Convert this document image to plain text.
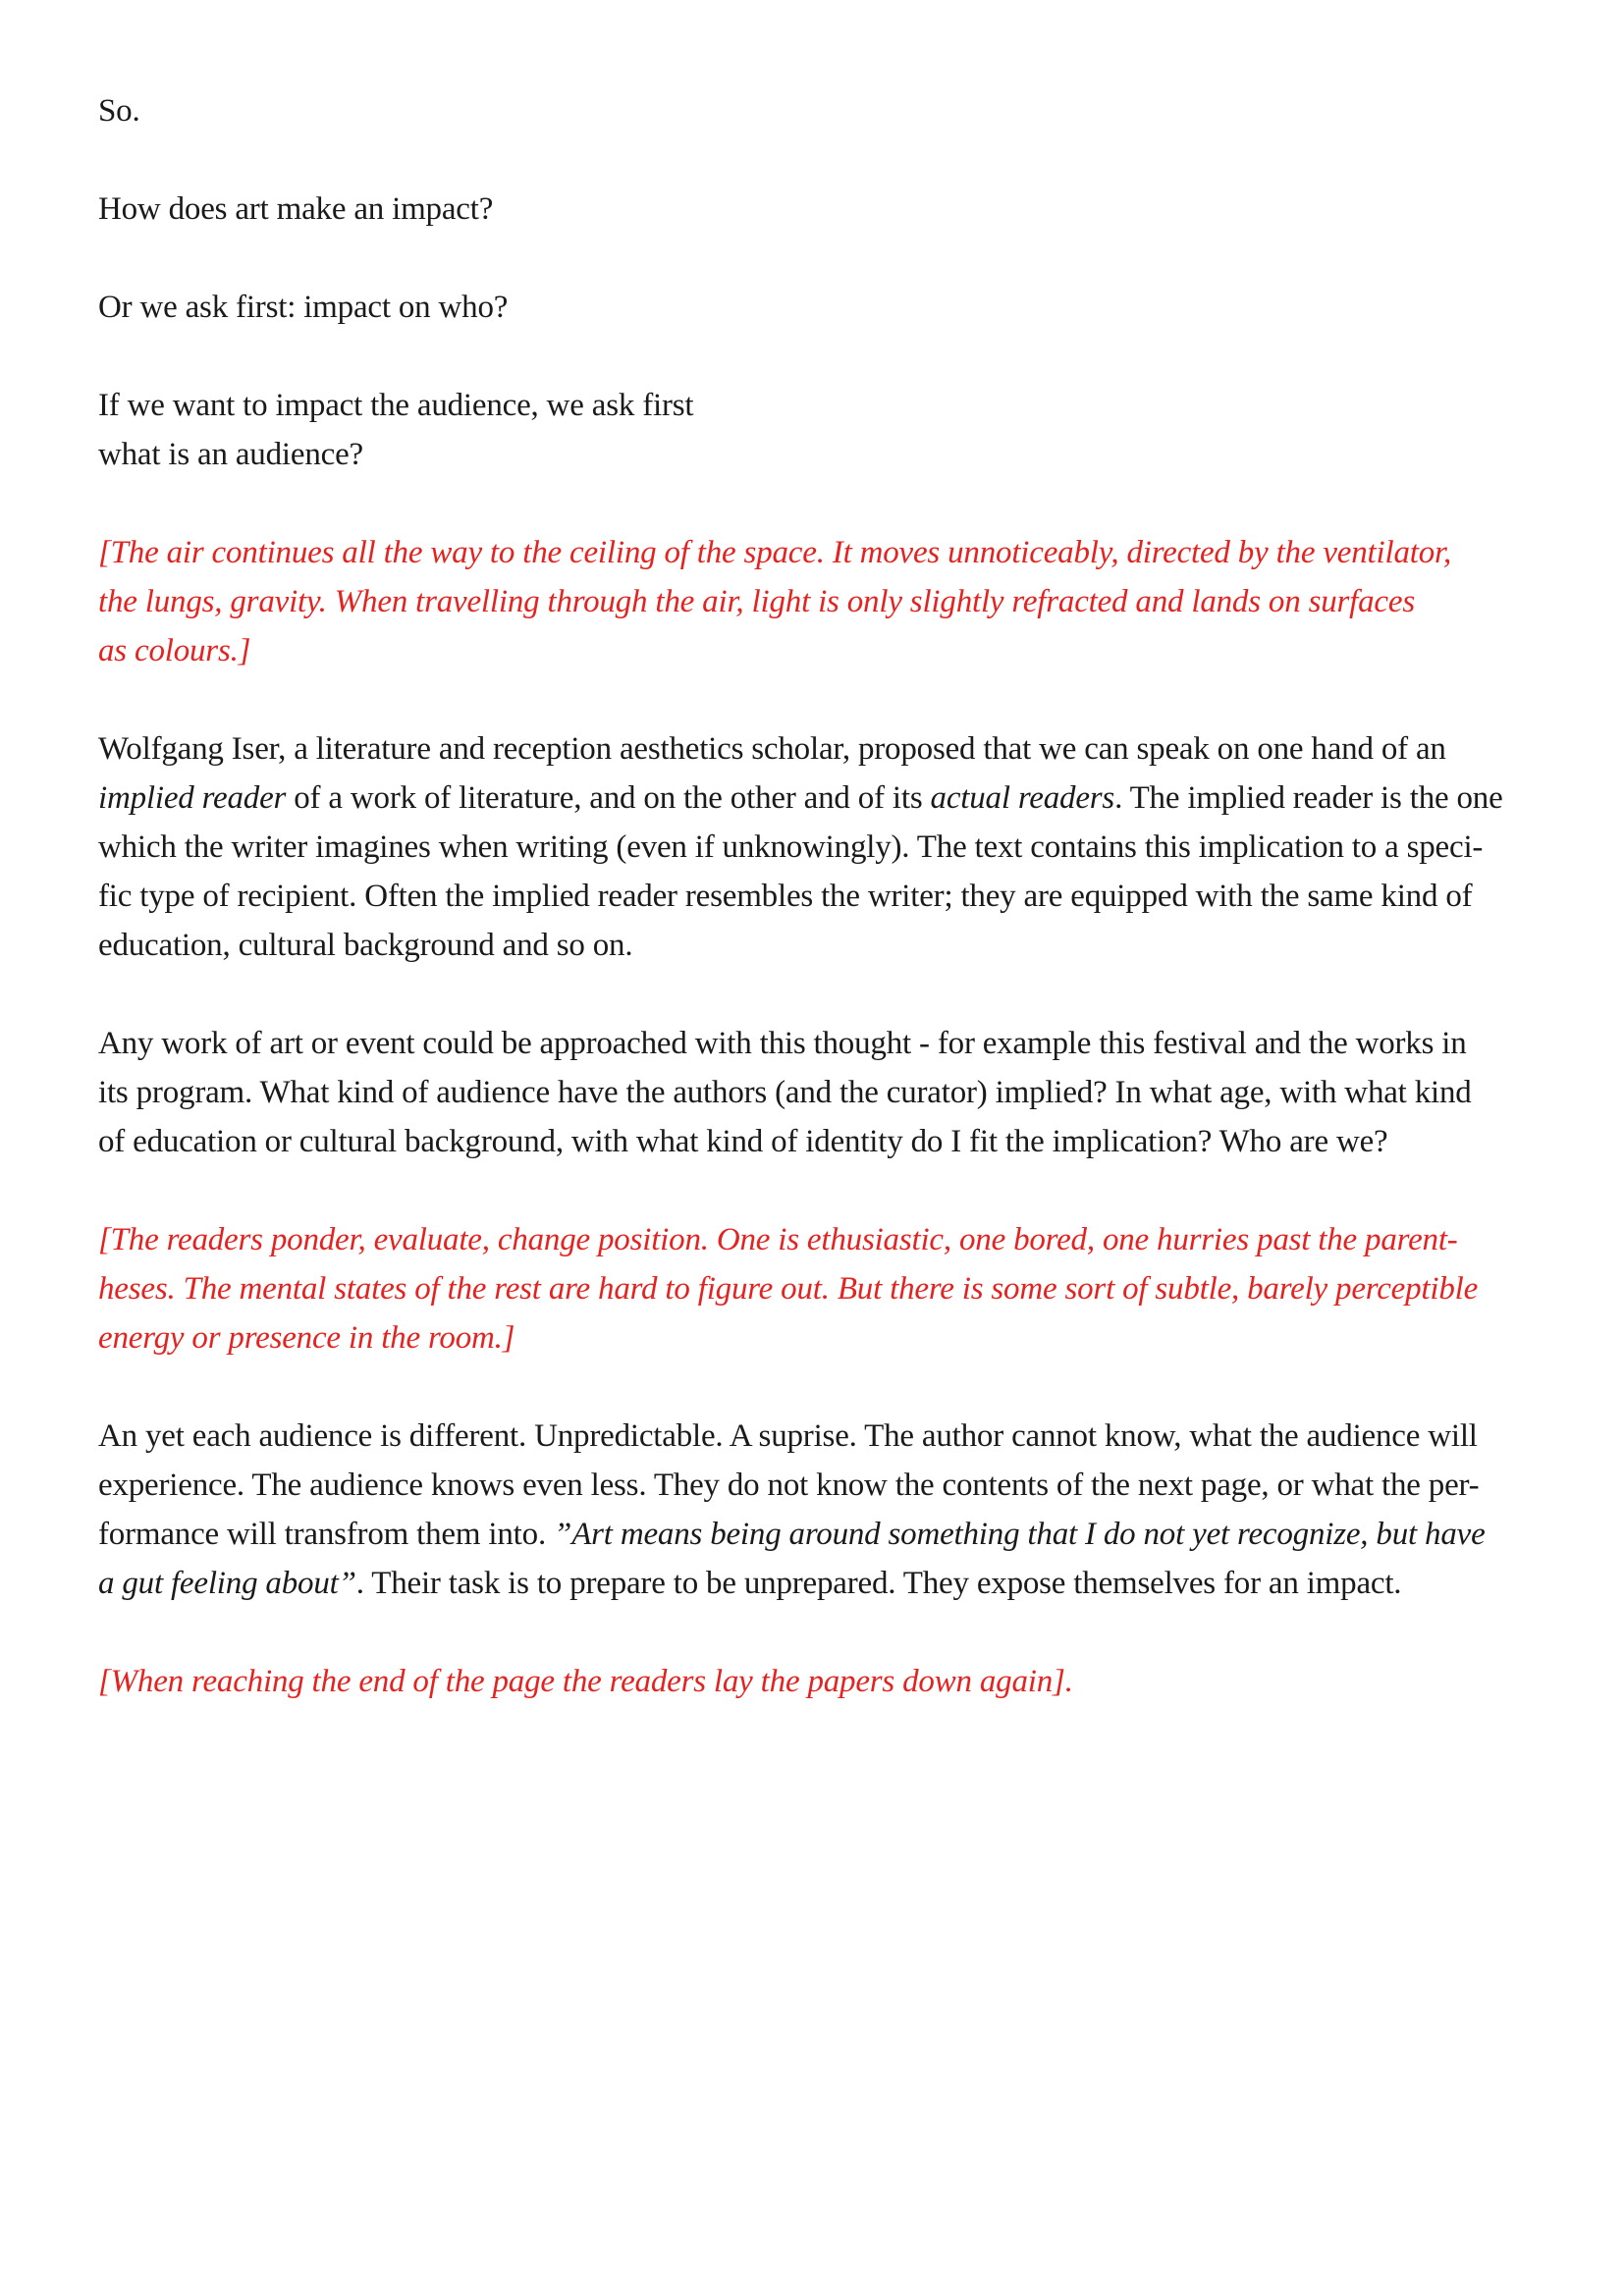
So.

How does art make an impact?

Or we ask first: impact on who?

If we want to impact the audience, we ask first
what is an audience?

[The air continues all the way to the ceiling of the space. It moves unnoticeably, directed by the ventilator,
the lungs, gravity. When travelling through the air, light is only slightly refracted and lands on surfaces
as colours.]

Wolfgang Iser, a literature and reception aesthetics scholar, proposed that we can speak on one hand of an
implied reader of a work of literature, and on the other and of its actual readers. The implied reader is the one
which the writer imagines when writing (even if unknowingly). The text contains this implication to a speci-
fic type of recipient. Often the implied reader resembles the writer; they are equipped with the same kind of
education, cultural background and so on.

Any work of art or event could be approached with this thought - for example this festival and the works in
its program. What kind of audience have the authors (and the curator) implied? In what age, with what kind
of education or cultural background, with what kind of identity do I fit the implication? Who are we?

[The readers ponder, evaluate, change position. One is ethusiastic, one bored, one hurries past the parent-
heses. The mental states of the rest are hard to figure out. But there is some sort of subtle, barely perceptible
energy or presence in the room.]

An yet each audience is different. Unpredictable. A suprise. The author cannot know, what the audience will
experience. The audience knows even less. They do not know the contents of the next page, or what the per-
formance will transfrom them into. ”Art means being around something that I do not yet recognize, but have
a gut feeling about”. Their task is to prepare to be unprepared. They expose themselves for an impact.

[When reaching the end of the page the readers lay the papers down again].
